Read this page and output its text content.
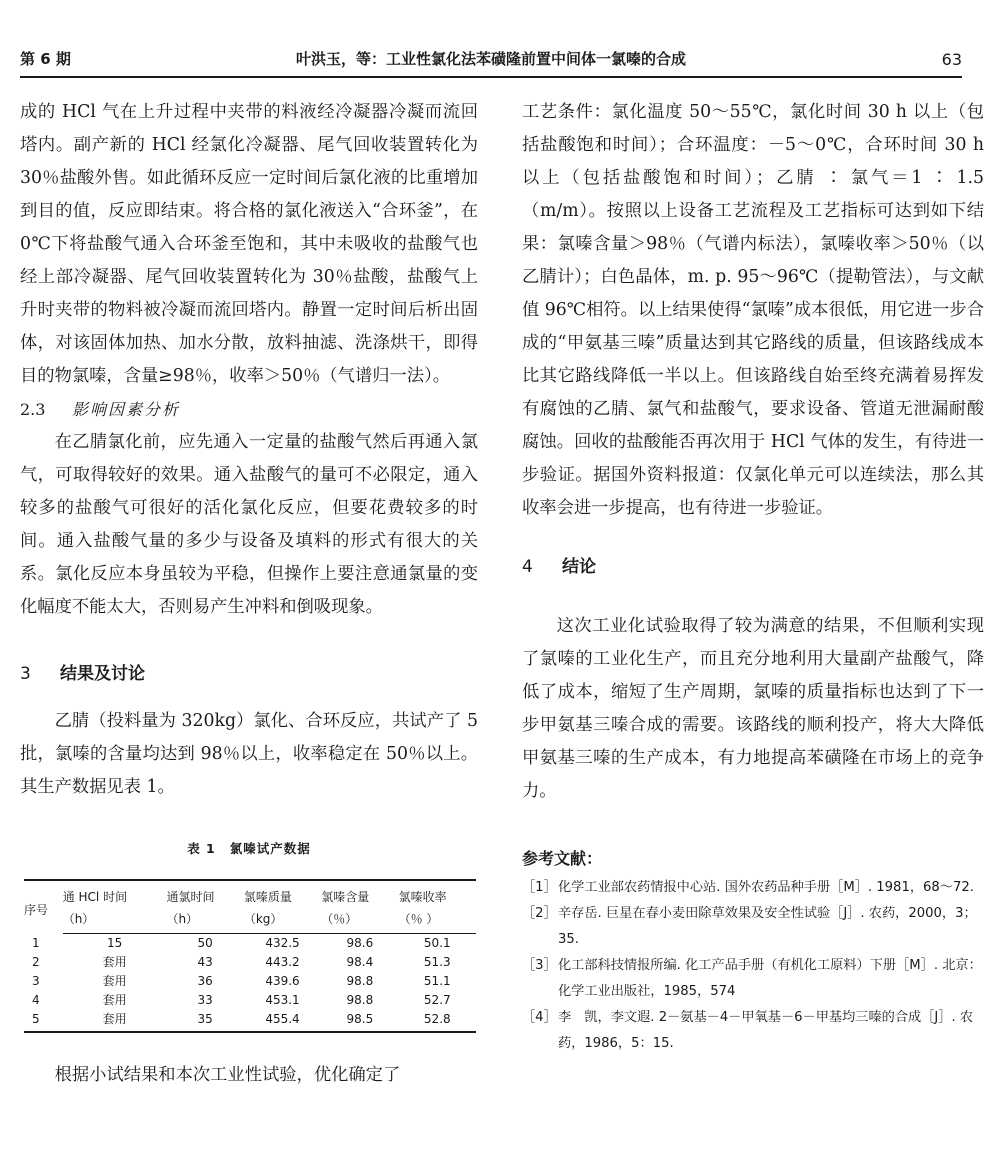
第 6 期	叶洪玉，等：工业性氯化法苯磺隆前置中间体一氯嗪的合成	63

成的 HCl 气在上升过程中夹带的料液经冷凝器冷凝而流回塔内。副产新的 HCl 经氯化冷凝器、尾气回收装置转化为 30％盐酸外售。如此循环反应一定时间后氯化液的比重增加到目的值，反应即结束。将合格的氯化液送入“合环釜”，在 0℃下将盐酸气通入合环釜至饱和，其中未吸收的盐酸气也经上部冷凝器、尾气回收装置转化为 30％盐酸，盐酸气上升时夹带的物料被冷凝而流回塔内。静置一定时间后析出固体，对该固体加热、加水分散，放料抽滤、洗涤烘干，即得目的物氯嗪，含量≥98％，收率＞50％（气谱归一法）。

2.3 影响因素分析

在乙腈氯化前，应先通入一定量的盐酸气然后再通入氯气，可取得较好的效果。通入盐酸气的量可不必限定，通入较多的盐酸气可很好的活化氯化反应，但要花费较多的时间。通入盐酸气量的多少与设备及填料的形式有很大的关系。氯化反应本身虽较为平稳，但操作上要注意通氯量的变化幅度不能太大，否则易产生冲料和倒吸现象。

3 结果及讨论

乙腈（投料量为 320kg）氯化、合环反应，共试产了 5 批，氯嗪的含量均达到 98％以上，收率稳定在 50％以上。其生产数据见表 1。

表 1 氯嗪试产数据
序号	通 HCl 时间	通氯时间	氯嗪质量	氯嗪含量	氯嗪收率
	（h）	（h）	（kg）	（％）	（％ ）
1	15	50	432.5	98.6	50.1
2	套用	43	443.2	98.4	51.3
3	套用	36	439.6	98.8	51.1
4	套用	33	453.1	98.8	52.7
5	套用	35	455.4	98.5	52.8

根据小试结果和本次工业性试验，优化确定了

工艺条件：氯化温度 50～55℃，氯化时间 30 h 以上（包括盐酸饱和时间）；合环温度：－5～0℃，合环时间 30 h 以上（包括盐酸饱和时间）；乙腈 ∶ 氯气＝1 ∶ 1.5（m/m）。按照以上设备工艺流程及工艺指标可达到如下结果：氯嗪含量＞98％（气谱内标法），氯嗪收率＞50％（以乙腈计）；白色晶体，m. p. 95～96℃（提勒管法），与文献值 96℃相符。以上结果使得“氯嗪”成本很低，用它进一步合成的“甲氨基三嗪”质量达到其它路线的质量，但该路线成本比其它路线降低一半以上。但该路线自始至终充满着易挥发有腐蚀的乙腈、氯气和盐酸气，要求设备、管道无泄漏耐酸腐蚀。回收的盐酸能否再次用于 HCl 气体的发生，有待进一步验证。据国外资料报道：仅氯化单元可以连续法，那么其收率会进一步提高，也有待进一步验证。

4 结论

这次工业化试验取得了较为满意的结果，不但顺利实现了氯嗪的工业化生产，而且充分地利用大量副产盐酸气，降低了成本，缩短了生产周期，氯嗪的质量指标也达到了下一步甲氨基三嗪合成的需要。该路线的顺利投产，将大大降低甲氨基三嗪的生产成本，有力地提高苯磺隆在市场上的竞争力。

参考文献：

［1］ 化学工业部农药情报中心站. 国外农药品种手册［M］. 1981，68～72.

［2］ 辛存岳. 巨星在春小麦田除草效果及安全性试验［J］. 农药，2000，3；35.

［3］ 化工部科技情报所编. 化工产品手册（有机化工原料）下册［M］. 北京：化学工业出版社，1985，574

［4］ 李　凯，李文遐. 2－氨基－4－甲氧基－6－甲基均三嗪的合成［J］. 农药，1986，5：15.
